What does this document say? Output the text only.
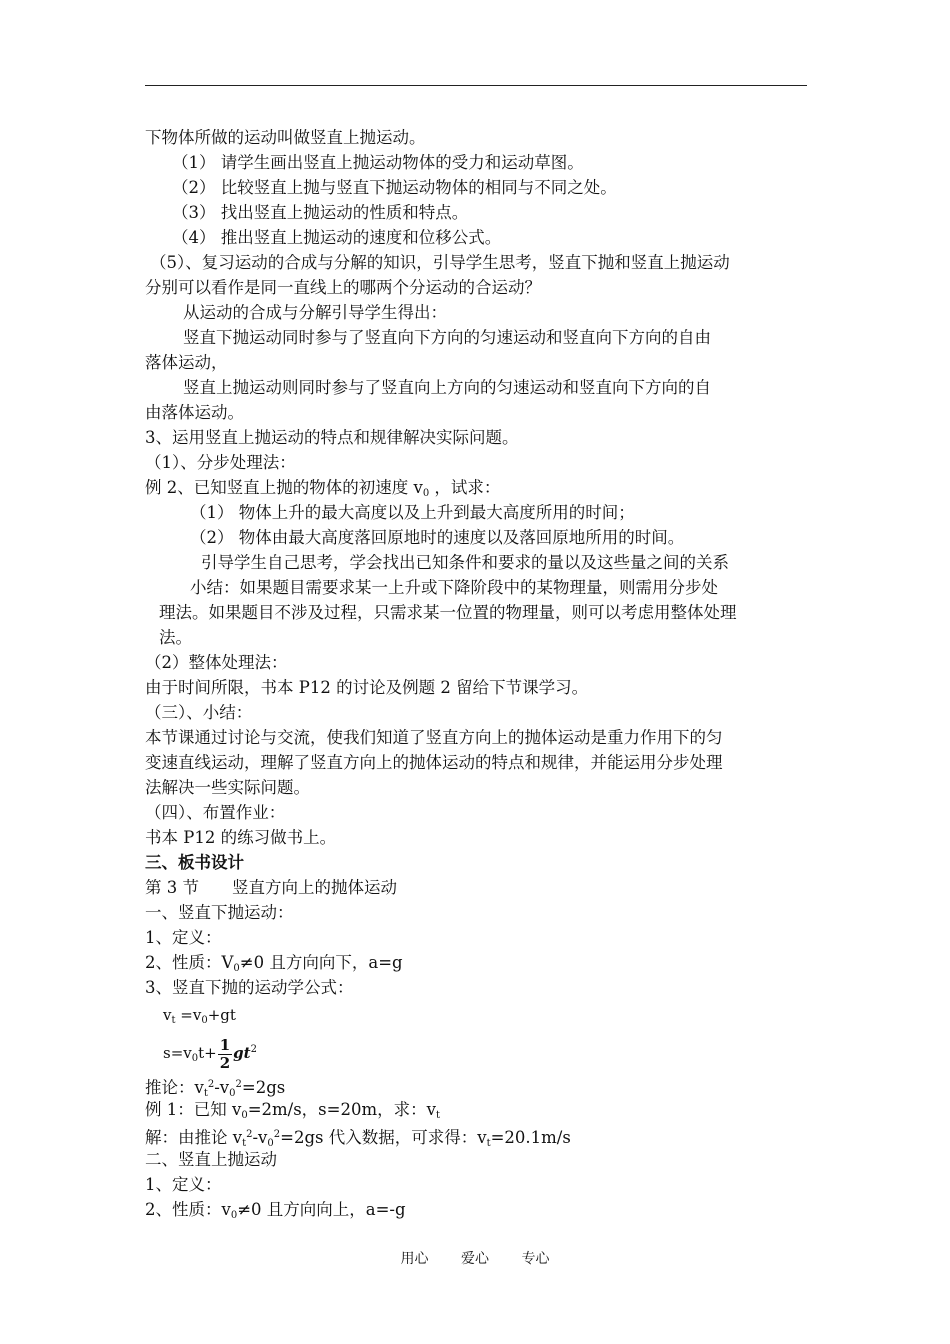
下物体所做的运动叫做竖直上抛运动。
（1） 请学生画出竖直上抛运动物体的受力和运动草图。
（2） 比较竖直上抛与竖直下抛运动物体的相同与不同之处。
（3） 找出竖直上抛运动的性质和特点。
（4） 推出竖直上抛运动的速度和位移公式。
（5）、复习运动的合成与分解的知识，引导学生思考，竖直下抛和竖直上抛运动
分别可以看作是同一直线上的哪两个分运动的合运动？
从运动的合成与分解引导学生得出：
竖直下抛运动同时参与了竖直向下方向的匀速运动和竖直向下方向的自由
落体运动，
竖直上抛运动则同时参与了竖直向上方向的匀速运动和竖直向下方向的自
由落体运动。
3、运用竖直上抛运动的特点和规律解决实际问题。
（1）、分步处理法：
例 2、已知竖直上抛的物体的初速度 $v_0$ ，试求：
（1） 物体上升的最大高度以及上升到最大高度所用的时间；
（2） 物体由最大高度落回原地时的速度以及落回原地所用的时间。
引导学生自己思考，学会找出已知条件和要求的量以及这些量之间的关系
小结：如果题目需要求某一上升或下降阶段中的某物理量，则需用分步处
理法。如果题目不涉及过程，只需求某一位置的物理量，则可以考虑用整体处理
法。
（2）整体处理法：
由于时间所限，书本 P12 的讨论及例题 2 留给下节课学习。
（三）、小结：
本节课通过讨论与交流，使我们知道了竖直方向上的抛体运动是重力作用下的匀
变速直线运动，理解了竖直方向上的抛体运动的特点和规律，并能运用分步处理
法解决一些实际问题。
（四）、布置作业：
书本 P12 的练习做书上。
三、板书设计
第 3 节　　竖直方向上的抛体运动
一、竖直下抛运动：
1、定义：
2、性质：$V_0\ne 0$ 且方向向下，a=g
3、竖直下抛的运动学公式：
$v_t =v_0+gt$
$s=v_0t+ \frac{1}{2} gt^2$
推论：$v_t^2-v_0^2=2gs$
例 1：已知 $v_0=2m/s$，s=20m，求：$v_t$
解：由推论 $v_t^2-v_0^2=2gs$ 代入数据，可求得：$v_t=20.1m/s$
二、竖直上抛运动
1、定义：
2、性质：$v_0\ne 0$ 且方向向上，a=-g
用心 爱心 专心
